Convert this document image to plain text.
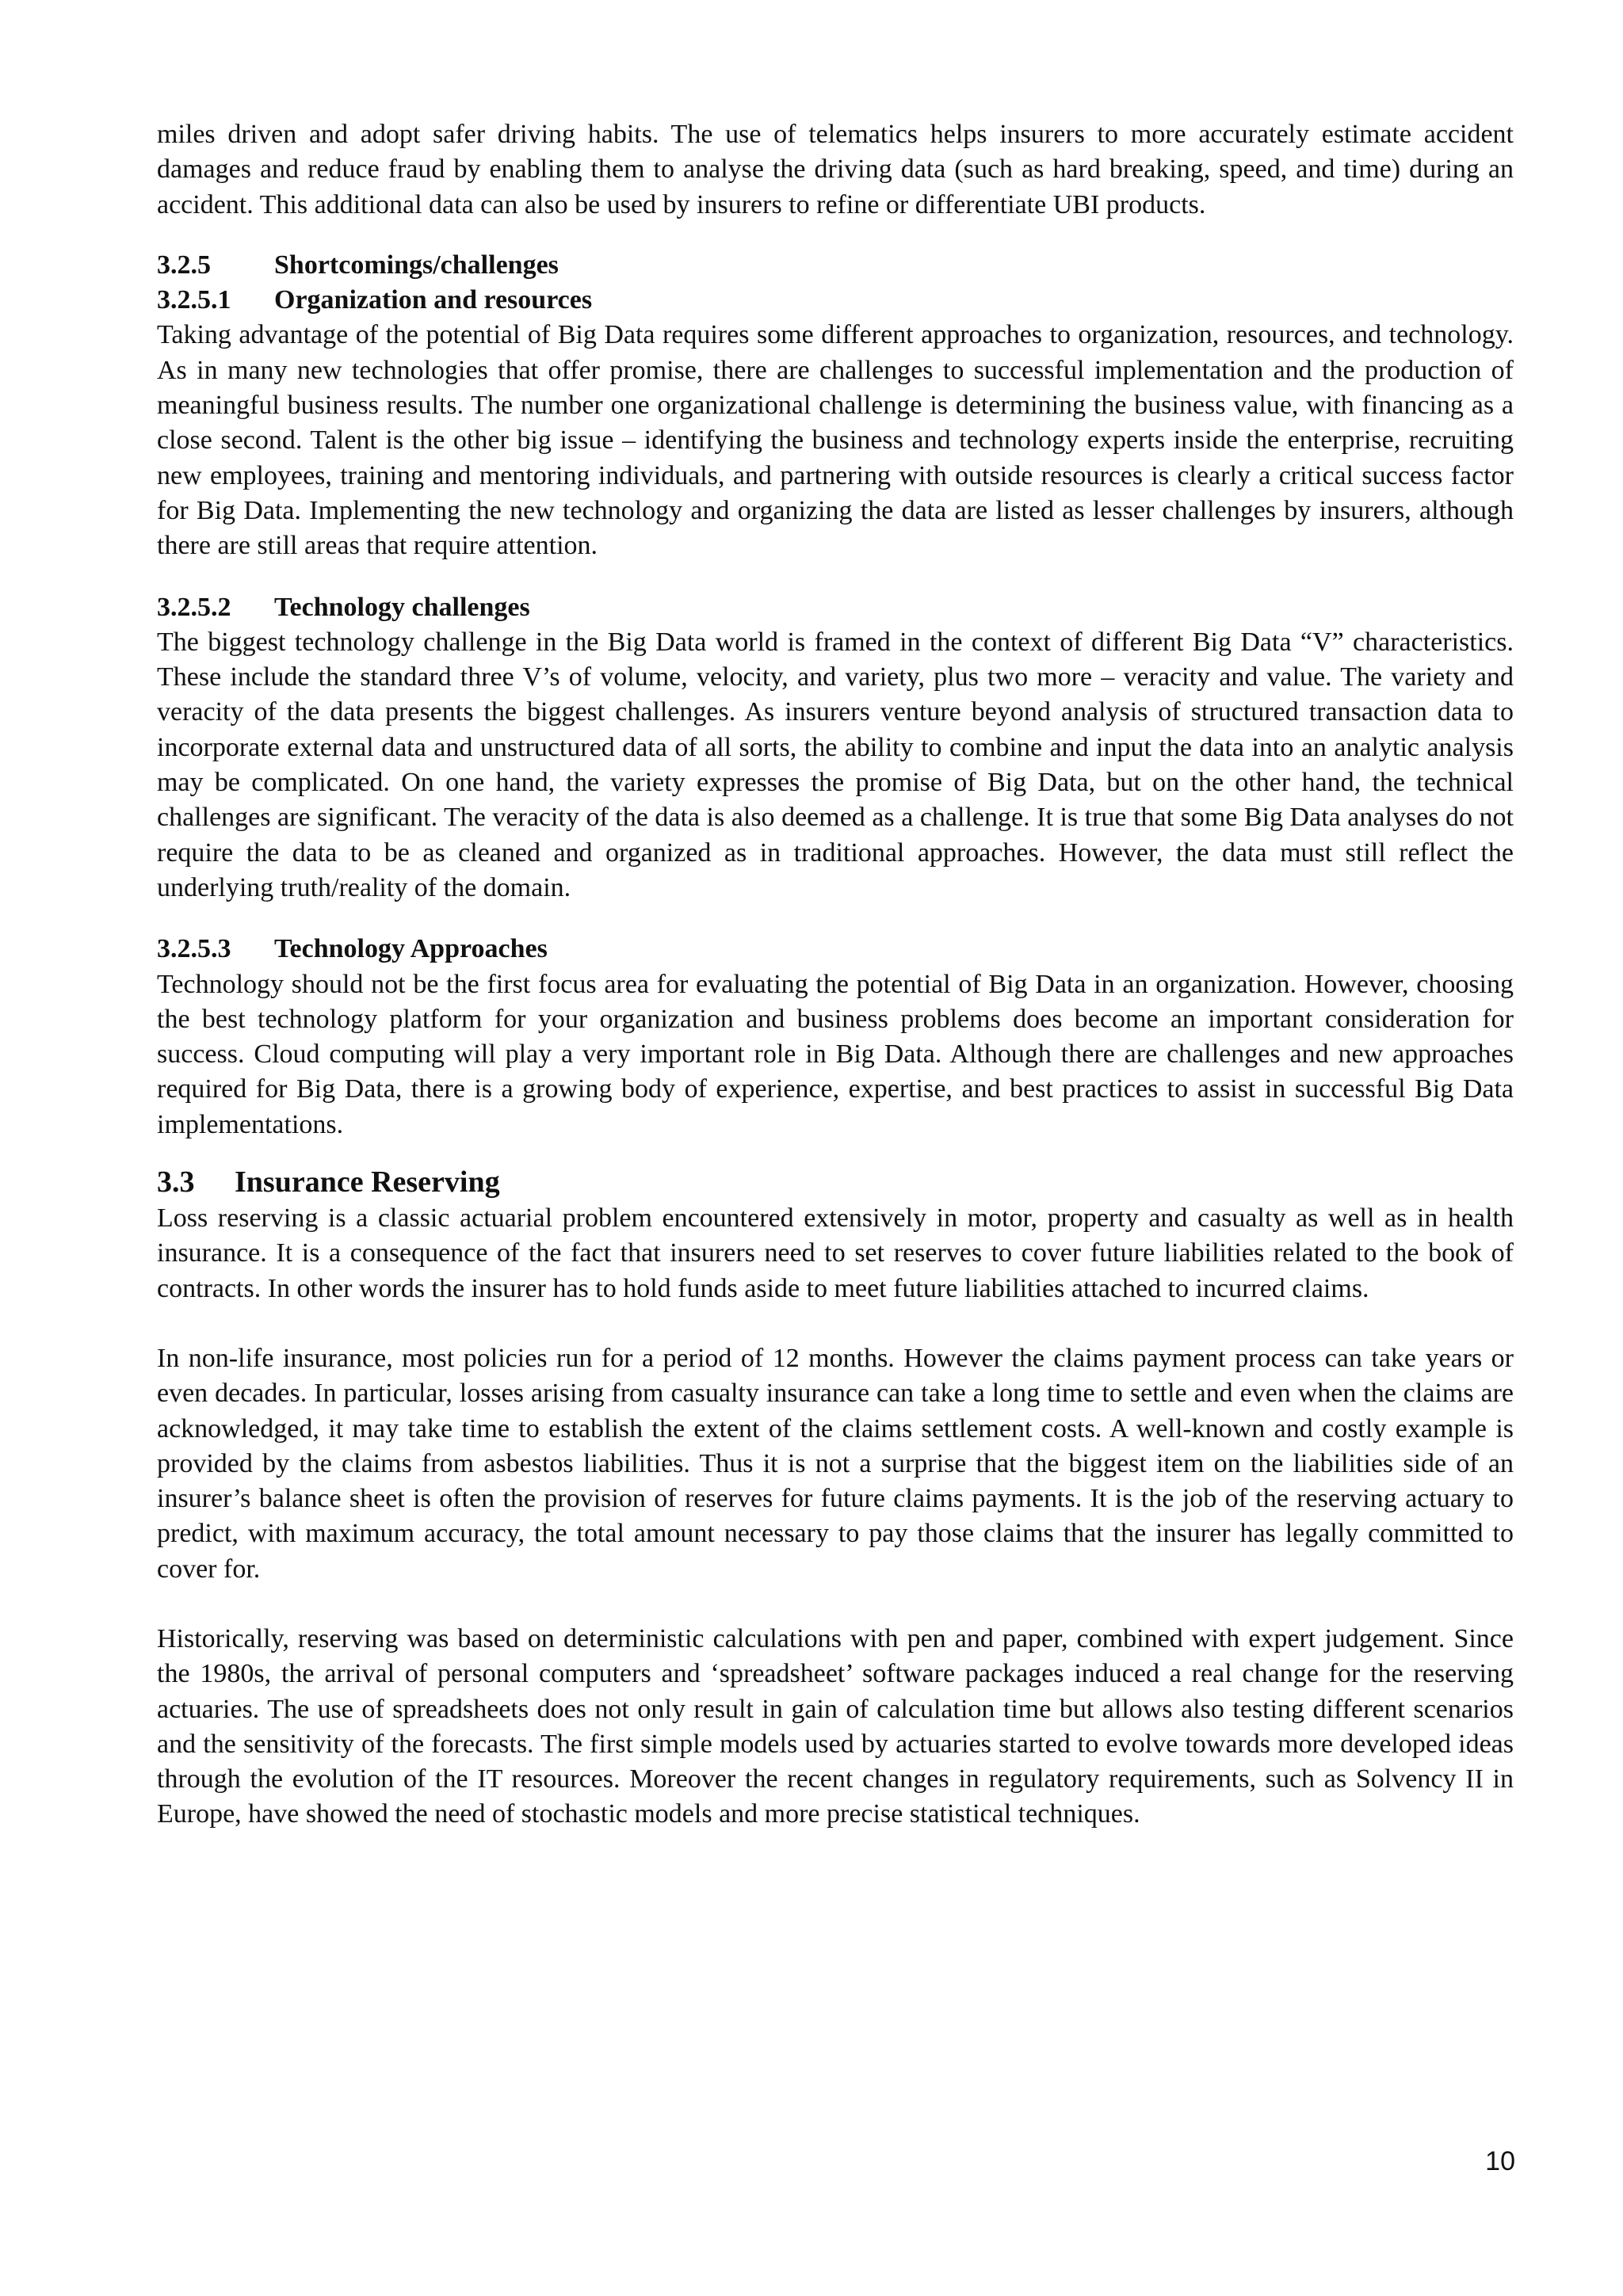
miles driven and adopt safer driving habits. The use of telematics helps insurers to more accurately estimate accident damages and reduce fraud by enabling them to analyse the driving data (such as hard breaking, speed, and time) during an accident. This additional data can also be used by insurers to refine or differentiate UBI products.

3.2.5 Shortcomings/challenges
3.2.5.1 Organization and resources

Taking advantage of the potential of Big Data requires some different approaches to organization, resources, and technology. As in many new technologies that offer promise, there are challenges to successful implementation and the production of meaningful business results. The number one organizational challenge is determining the business value, with financing as a close second. Talent is the other big issue – identifying the business and technology experts inside the enterprise, recruiting new employees, training and mentoring individuals, and partnering with outside resources is clearly a critical success factor for Big Data. Implementing the new technology and organizing the data are listed as lesser challenges by insurers, although there are still areas that require attention.

3.2.5.2 Technology challenges

The biggest technology challenge in the Big Data world is framed in the context of different Big Data “V” characteristics. These include the standard three V’s of volume, velocity, and variety, plus two more – veracity and value. The variety and veracity of the data presents the biggest challenges. As insurers venture beyond analysis of structured transaction data to incorporate external data and unstructured data of all sorts, the ability to combine and input the data into an analytic analysis may be complicated. On one hand, the variety expresses the promise of Big Data, but on the other hand, the technical challenges are significant. The veracity of the data is also deemed as a challenge. It is true that some Big Data analyses do not require the data to be as cleaned and organized as in traditional approaches. However, the data must still reflect the underlying truth/reality of the domain.

3.2.5.3 Technology Approaches

Technology should not be the first focus area for evaluating the potential of Big Data in an organization. However, choosing the best technology platform for your organization and business problems does become an important consideration for success. Cloud computing will play a very important role in Big Data. Although there are challenges and new approaches required for Big Data, there is a growing body of experience, expertise, and best practices to assist in successful Big Data implementations.

3.3 Insurance Reserving

Loss reserving is a classic actuarial problem encountered extensively in motor, property and casualty as well as in health insurance. It is a consequence of the fact that insurers need to set reserves to cover future liabilities related to the book of contracts. In other words the insurer has to hold funds aside to meet future liabilities attached to incurred claims.

In non-life insurance, most policies run for a period of 12 months. However the claims payment process can take years or even decades. In particular, losses arising from casualty insurance can take a long time to settle and even when the claims are acknowledged, it may take time to establish the extent of the claims settlement costs. A well-known and costly example is provided by the claims from asbestos liabilities. Thus it is not a surprise that the biggest item on the liabilities side of an insurer’s balance sheet is often the provision of reserves for future claims payments. It is the job of the reserving actuary to predict, with maximum accuracy, the total amount necessary to pay those claims that the insurer has legally committed to cover for.

Historically, reserving was based on deterministic calculations with pen and paper, combined with expert judgement. Since the 1980s, the arrival of personal computers and ‘spreadsheet’ software packages induced a real change for the reserving actuaries. The use of spreadsheets does not only result in gain of calculation time but allows also testing different scenarios and the sensitivity of the forecasts. The first simple models used by actuaries started to evolve towards more developed ideas through the evolution of the IT resources. Moreover the recent changes in regulatory requirements, such as Solvency II in Europe, have showed the need of stochastic models and more precise statistical techniques.

10
